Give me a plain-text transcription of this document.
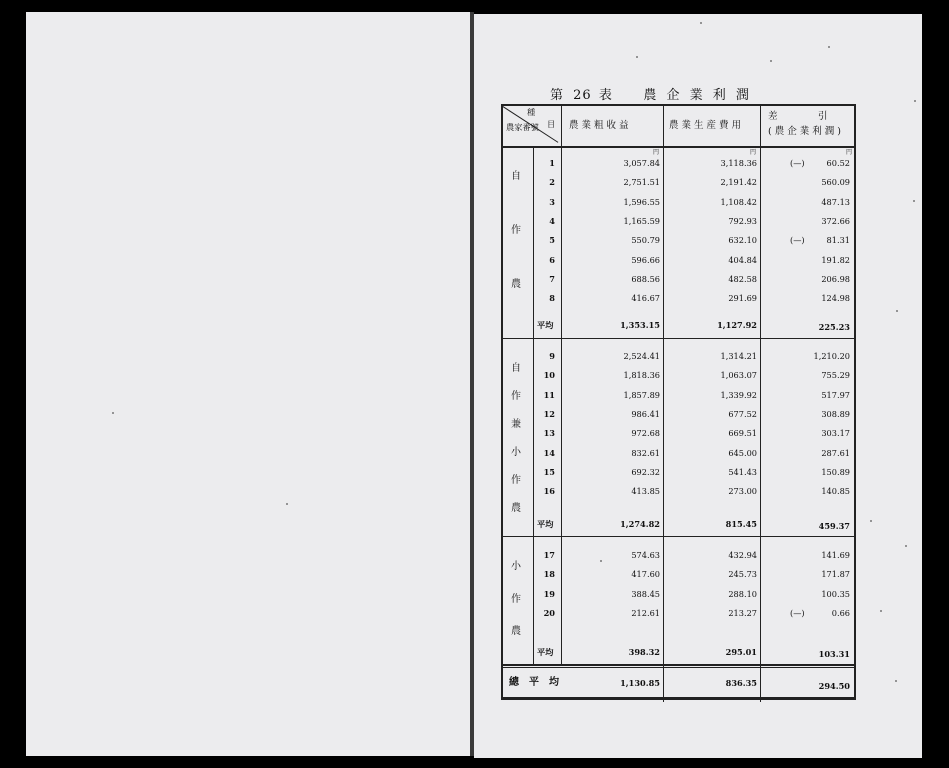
第 26 表 農 企 業 利 潤
種
目
農家番號	農業粗收益	農業生産費用
差　　　引
(農企業利潤)
円	円	円
自
作
農
1	3,057.84	3,118.36	(—)	60.52
2	2,751.51	2,191.42	560.09
3	1,596.55	1,108.42	487.13
4	1,165.59	792.93	372.66
5	550.79	632.10	(—)	81.31
6	596.66	404.84	191.82
7	688.56	482.58	206.98
8	416.67	291.69	124.98
平均	1,353.15	1,127.92	225.23
自
作
兼
小
作
農
9	2,524.41	1,314.21	1,210.20
10	1,818.36	1,063.07	755.29
11	1,857.89	1,339.92	517.97
12	986.41	677.52	308.89
13	972.68	669.51	303.17
14	832.61	645.00	287.61
15	692.32	541.43	150.89
16	413.85	273.00	140.85
平均	1,274.82	815.45	459.37
小
作
農
17	574.63	432.94	141.69
18	417.60	245.73	171.87
19	388.45	288.10	100.35
20	212.61	213.27	(—)	0.66
平均	398.32	295.01	103.31
總　平　均	1,130.85	836.35	294.50
